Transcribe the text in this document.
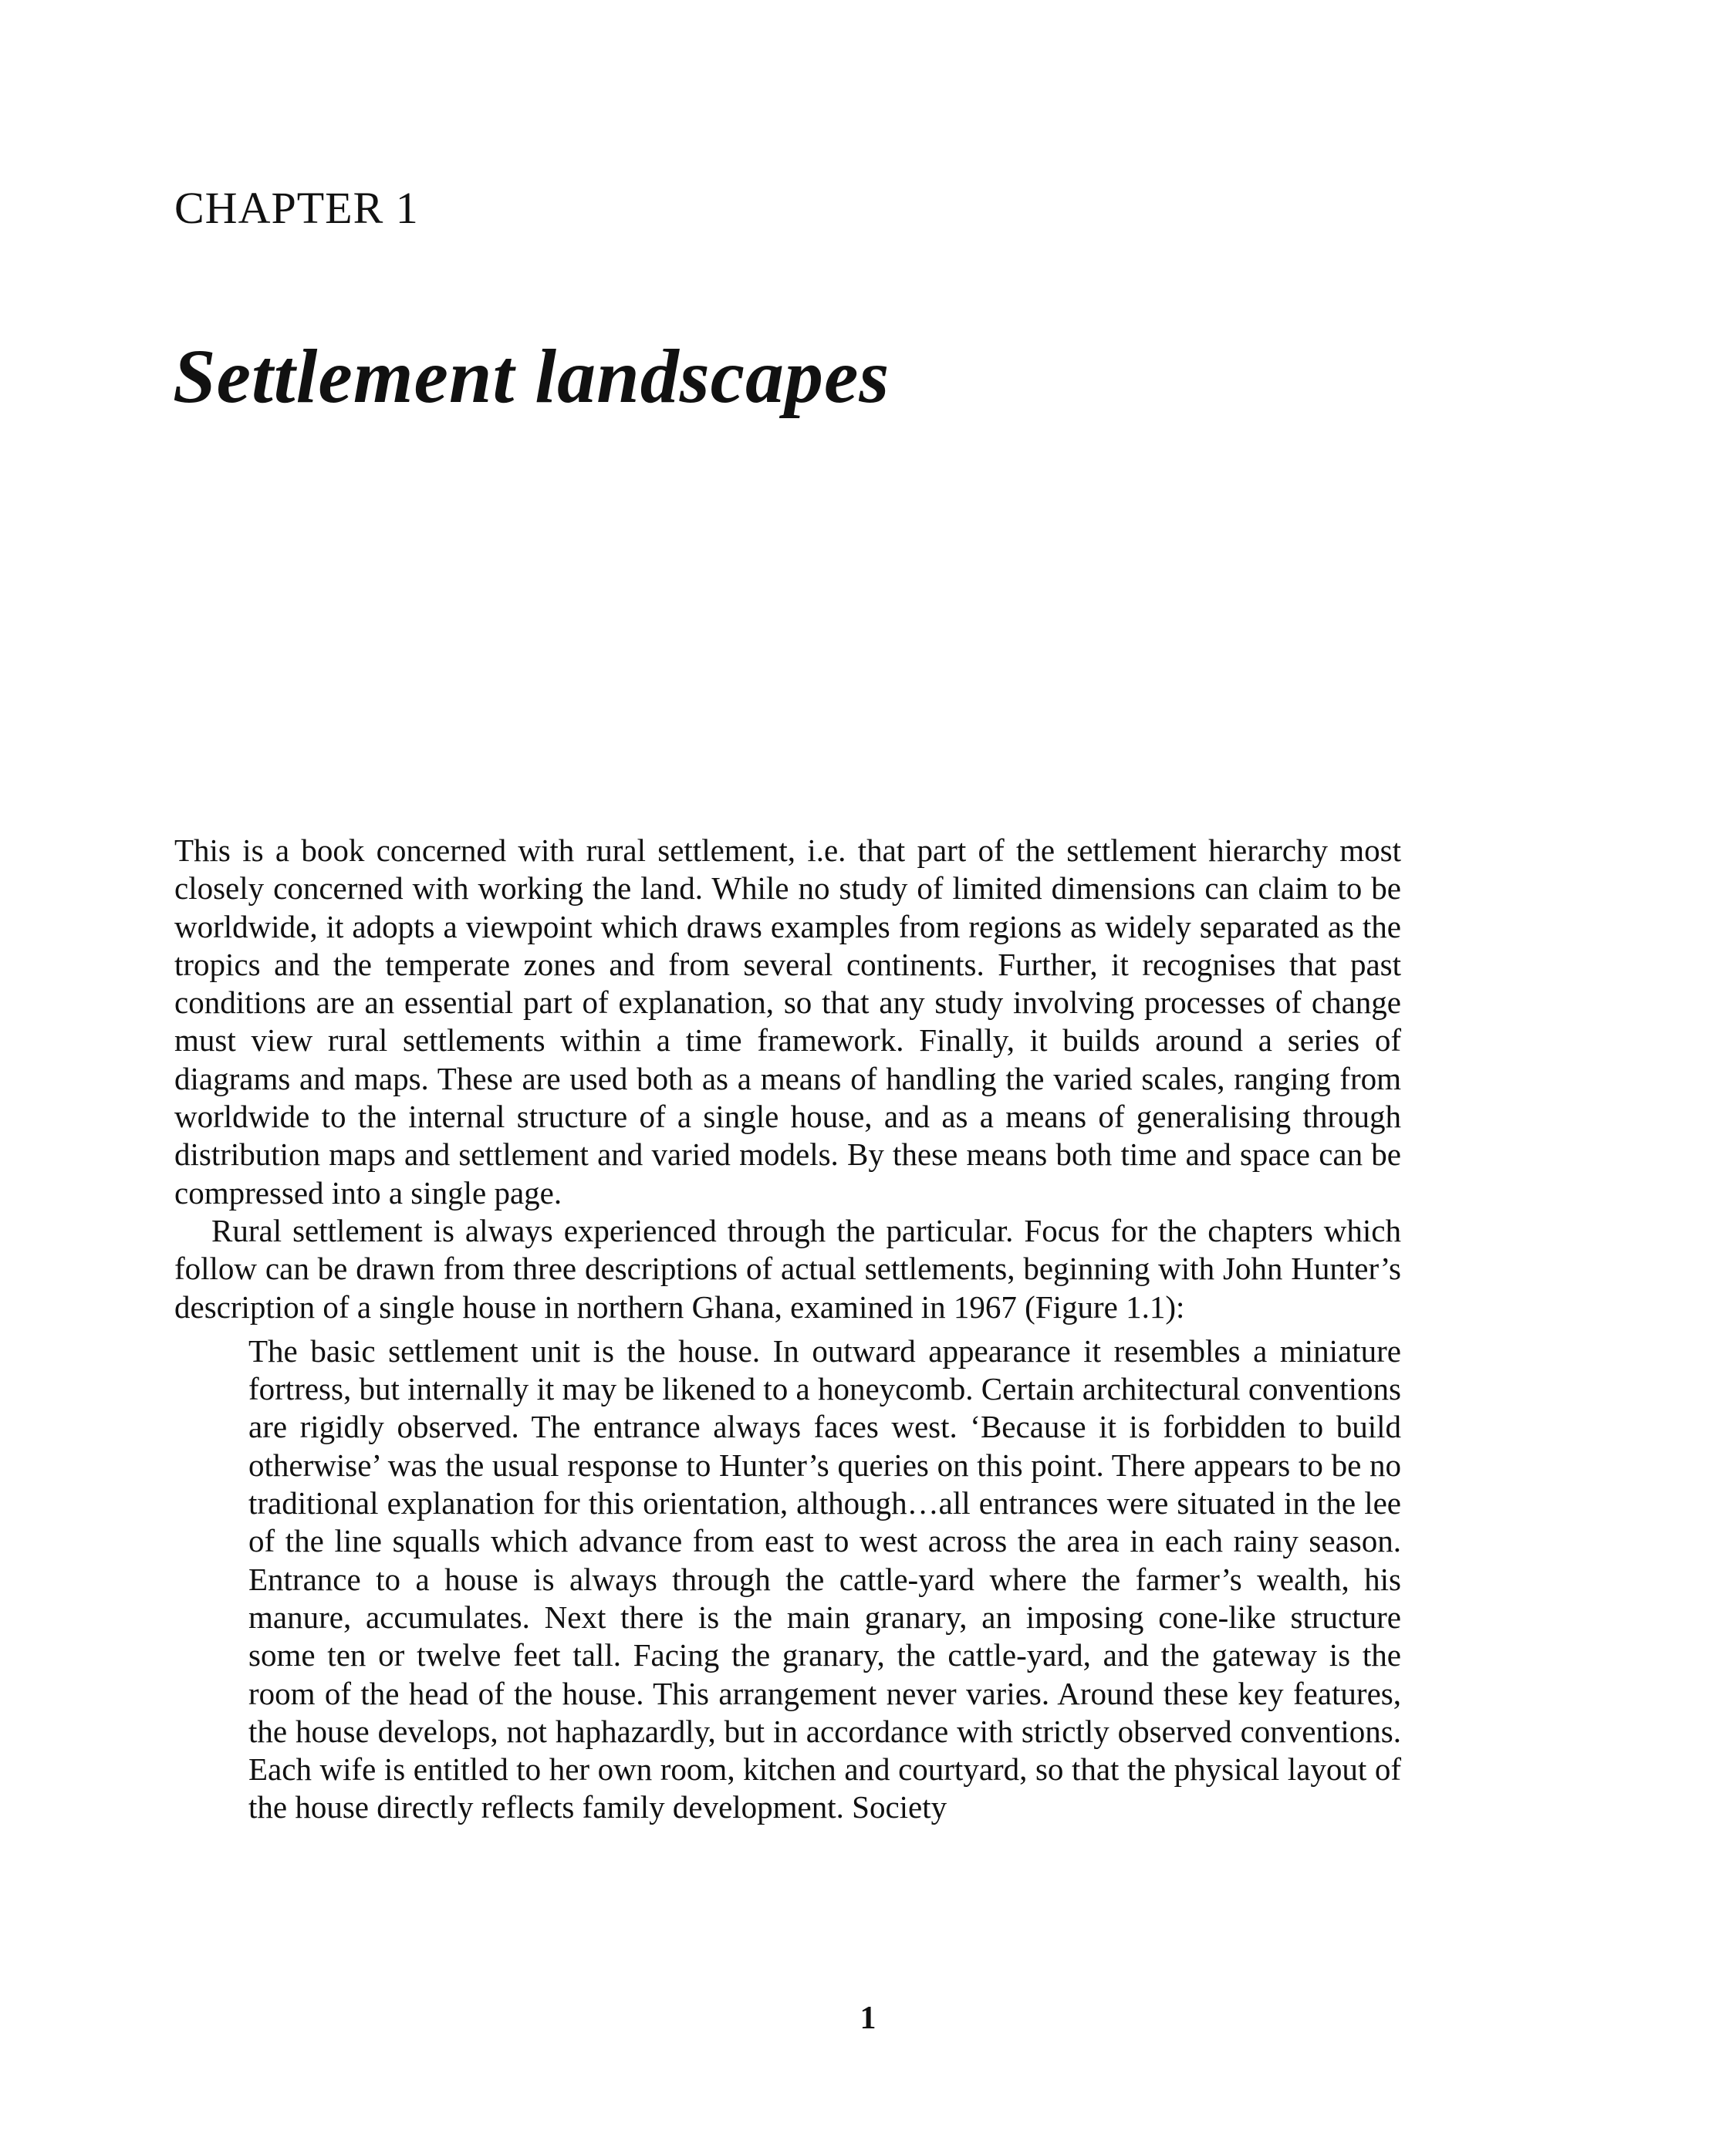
CHAPTER 1
Settlement landscapes

This is a book concerned with rural settlement, i.e. that part of the settlement hierarchy most closely concerned with working the land. While no study of limited dimensions can claim to be worldwide, it adopts a viewpoint which draws examples from regions as widely separated as the tropics and the temperate zones and from several continents. Further, it recognises that past conditions are an essential part of explanation, so that any study involving processes of change must view rural settlements within a time framework. Finally, it builds around a series of diagrams and maps. These are used both as a means of handling the varied scales, ranging from worldwide to the internal structure of a single house, and as a means of generalising through distribution maps and settlement and varied models. By these means both time and space can be compressed into a single page.

Rural settlement is always experienced through the particular. Focus for the chapters which follow can be drawn from three descriptions of actual settlements, beginning with John Hunter’s description of a single house in northern Ghana, examined in 1967 (Figure 1.1):

The basic settlement unit is the house. In outward appearance it resembles a miniature fortress, but internally it may be likened to a honeycomb. Certain architectural conventions are rigidly observed. The entrance always faces west. ‘Because it is forbidden to build otherwise’ was the usual response to Hunter’s queries on this point. There appears to be no traditional explanation for this orientation, although…all entrances were situated in the lee of the line squalls which advance from east to west across the area in each rainy season. Entrance to a house is always through the cattle-yard where the farmer’s wealth, his manure, accumulates. Next there is the main granary, an imposing cone-like structure some ten or twelve feet tall. Facing the granary, the cattle-yard, and the gateway is the room of the head of the house. This arrangement never varies. Around these key features, the house develops, not haphazardly, but in accordance with strictly observed conventions. Each wife is entitled to her own room, kitchen and courtyard, so that the physical layout of the house directly reflects family development. Society

1
